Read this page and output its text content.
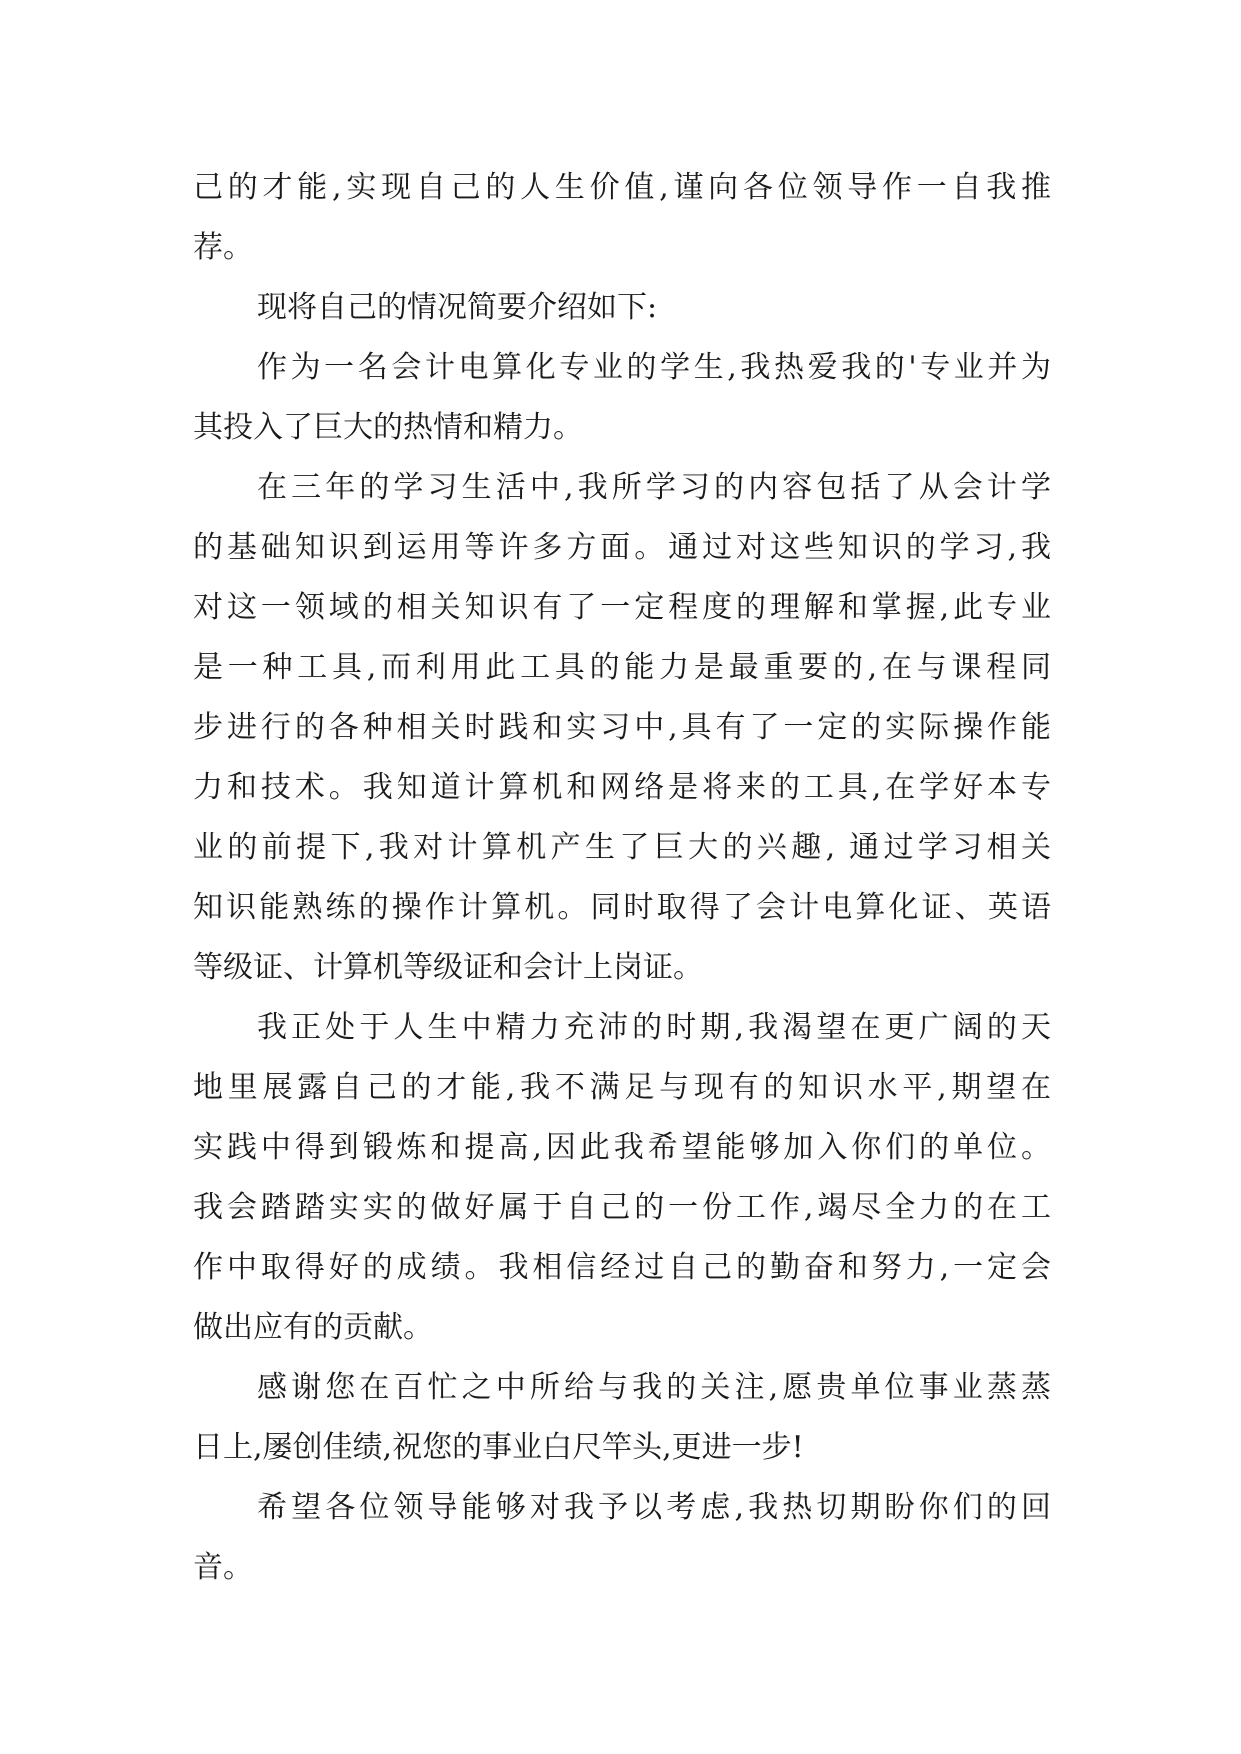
己的才能,实现自己的人生价值,谨向各位领导作一自我推
荐。
现将自己的情况简要介绍如下:
作为一名会计电算化专业的学生,我热爱我的'专业并为
其投入了巨大的热情和精力。
在三年的学习生活中,我所学习的内容包括了从会计学
的基础知识到运用等许多方面。通过对这些知识的学习,我
对这一领域的相关知识有了一定程度的理解和掌握,此专业
是一种工具,而利用此工具的能力是最重要的,在与课程同
步进行的各种相关时践和实习中,具有了一定的实际操作能
力和技术。我知道计算机和网络是将来的工具,在学好本专
业的前提下,我对计算机产生了巨大的兴趣, 通过学习相关
知识能熟练的操作计算机。同时取得了会计电算化证、英语
等级证、计算机等级证和会计上岗证。
我正处于人生中精力充沛的时期,我渴望在更广阔的天
地里展露自己的才能,我不满足与现有的知识水平,期望在
实践中得到锻炼和提高,因此我希望能够加入你们的单位。
我会踏踏实实的做好属于自己的一份工作,竭尽全力的在工
作中取得好的成绩。我相信经过自己的勤奋和努力,一定会
做出应有的贡献。
感谢您在百忙之中所给与我的关注,愿贵单位事业蒸蒸
日上,屡创佳绩,祝您的事业白尺竿头,更进一步!
希望各位领导能够对我予以考虑,我热切期盼你们的回
音。
